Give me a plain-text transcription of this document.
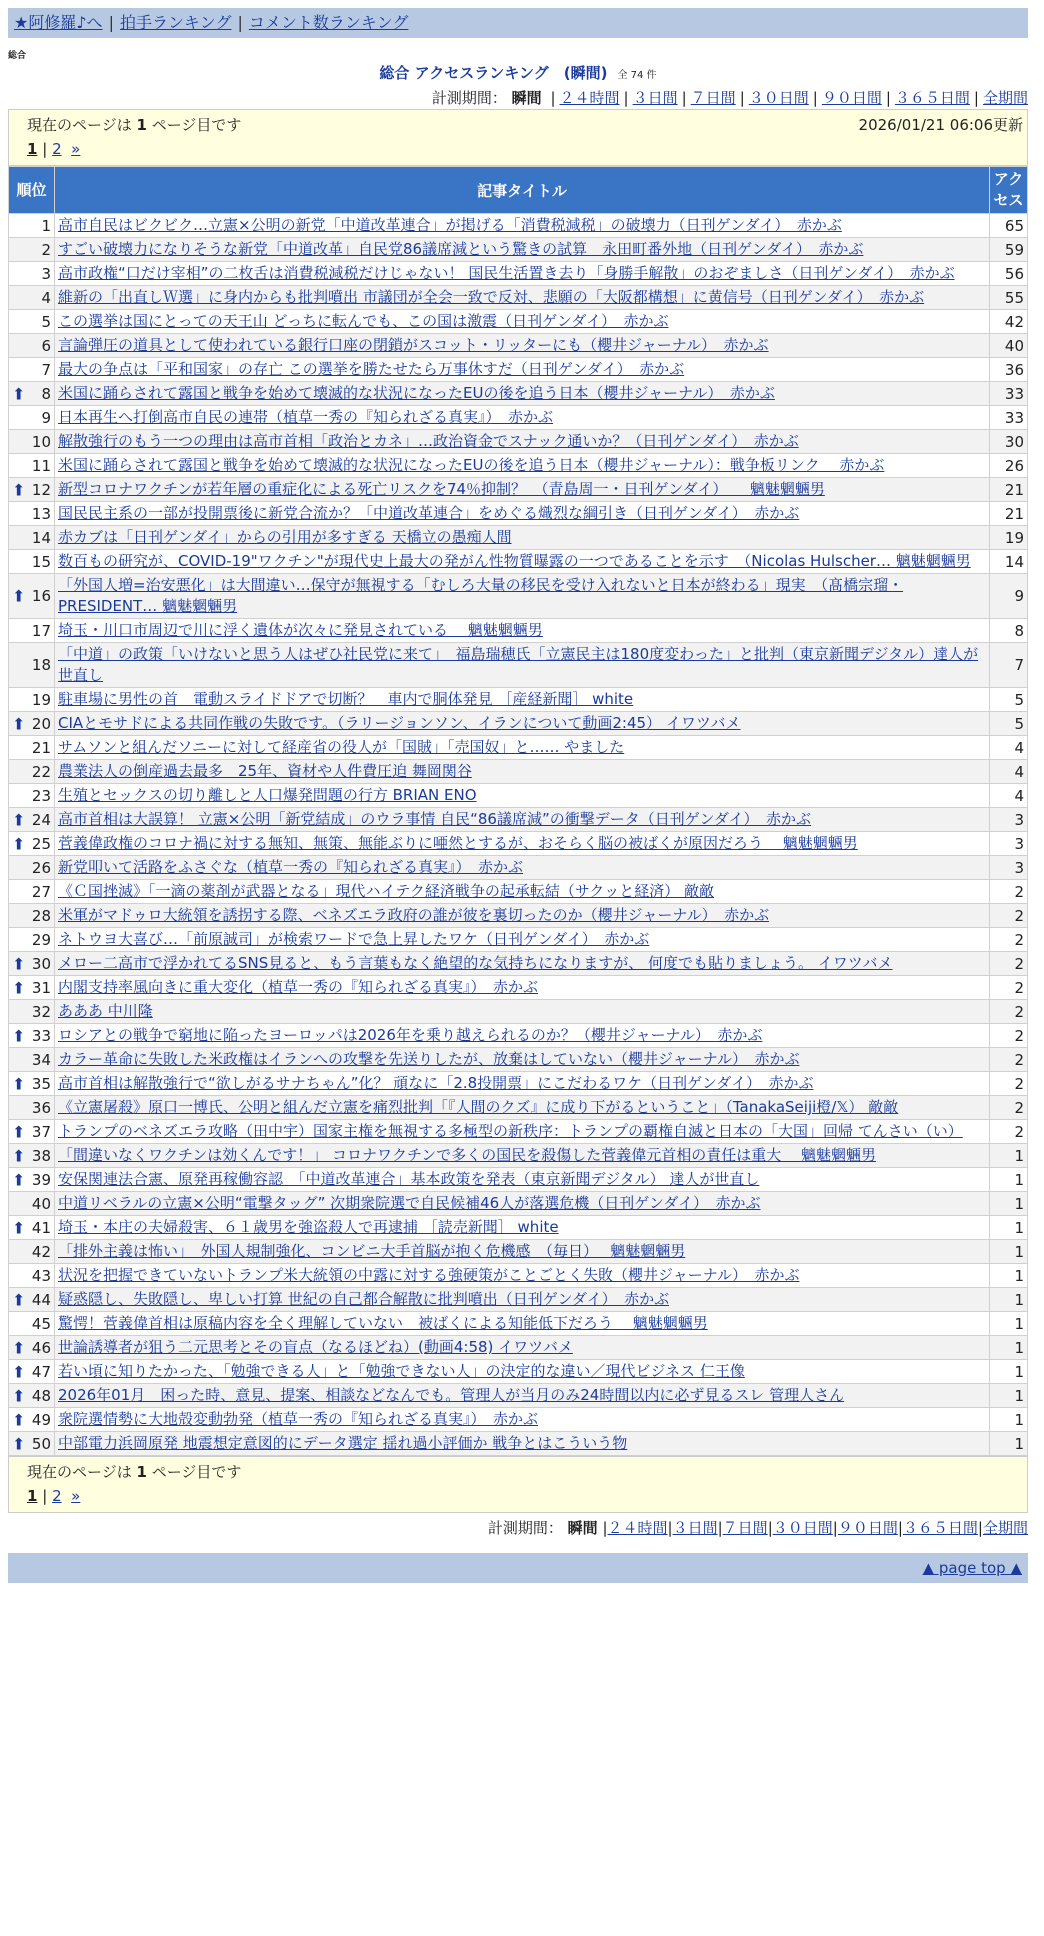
★阿修羅♪へ | 拍手ランキング | コメント数ランキング
総合
総合 アクセスランキング　(瞬間) 全 74 件
計測期間： 瞬間 | ２４時間 | ３日間 | ７日間 | ３０日間 | ９０日間 | ３６５日間 | 全期間
現在のページは 1 ページ目です	2026/01/21 06:06更新
1 | 2 »
順位	記事タイトル	アクセス
1	高市自民はビクビク…立憲×公明の新党「中道改革連合」が掲げる「消費税減税」の破壊力（日刊ゲンダイ）　赤かぶ	65
2	すごい破壊力になりそうな新党「中道改革」自民党86議席減という驚きの試算　永田町番外地（日刊ゲンダイ）　赤かぶ	59
3	高市政権“口だけ宰相”の二枚舌は消費税減税だけじゃない！ 国民生活置き去り「身勝手解散」のおぞましさ（日刊ゲンダイ）　赤かぶ	56
4	維新の「出直しＷ選」に身内からも批判噴出 市議団が全会一致で反対、悲願の「大阪都構想」に黄信号（日刊ゲンダイ）　赤かぶ	55
5	この選挙は国にとっての天王山 どっちに転んでも、この国は激震（日刊ゲンダイ）　赤かぶ	42
6	言論弾圧の道具として使われている銀行口座の閉鎖がスコット・リッターにも（櫻井ジャーナル）　赤かぶ	40
7	最大の争点は「平和国家」の存亡 この選挙を勝たせたら万事休すだ（日刊ゲンダイ）　赤かぶ	36

⬆ 8	米国に踊らされて露国と戦争を始めて壊滅的な状況になったEUの後を追う日本（櫻井ジャーナル）　赤かぶ	33
9	日本再生へ打倒高市自民の連帯（植草一秀の『知られざる真実』）　赤かぶ	33
10	解散強行のもう一つの理由は高市首相「政治とカネ」…政治資金でスナック通いか？（日刊ゲンダイ）　赤かぶ	30
11	米国に踊らされて露国と戦争を始めて壊滅的な状況になったEUの後を追う日本（櫻井ジャーナル）：戦争板リンク　 赤かぶ	26

⬆ 12	新型コロナワクチンが若年層の重症化による死亡リスクを74％抑制？　（青島周一・日刊ゲンダイ）　　魑魅魍魎男	21
13	国民民主系の一部が投開票後に新党合流か？「中道改革連合」をめぐる熾烈な綱引き（日刊ゲンダイ）　赤かぶ	21
14	赤カブは「日刊ゲンダイ」からの引用が多すぎる 天橋立の愚痴人間	19
15	数百もの研究が、COVID-19"ワクチン"が現代史上最大の発がん性物質曝露の一つであることを示す　（Nicolas Hulscher… 魑魅魍魎男	14

⬆ 16	「外国人増=治安悪化」は大間違い…保守が無視する「むしろ大量の移民を受け入れないと日本が終わる」現実　（髙橋宗瑠・PRESIDENT… 魑魅魍魎男	9
17	埼玉・川口市周辺で川に浮く遺体が次々に発見されている　 魑魅魍魎男	8
18	「中道」の政策「いけないと思う人はぜひ社民党に来て」　福島瑞穂氏「立憲民主は180度変わった」と批判（東京新聞デジタル）達人が世直し	7
19	駐車場に男性の首　電動スライドドアで切断？　車内で胴体発見 ［産経新聞］ white	5

⬆ 20	CIAとモサドによる共同作戦の失敗です。（ラリージョンソン、イランについて動画2:45） イワツバメ	5
21	サムソンと組んだソニーに対して経産省の役人が「国賊」「売国奴」と…… やました	4
22	農業法人の倒産過去最多　25年、資材や人件費圧迫 舞岡関谷	4
23	生殖とセックスの切り離しと人口爆発問題の行方 BRIAN ENO	4

⬆ 24	高市首相は大誤算！ 立憲×公明「新党結成」のウラ事情 自民“86議席減”の衝撃データ（日刊ゲンダイ）　赤かぶ	3

⬆ 25	菅義偉政権のコロナ禍に対する無知、無策、無能ぶりに唖然とするが、おそらく脳の被ばくが原因だろう　 魑魅魍魎男	3
26	新党叩いて活路をふさぐな（植草一秀の『知られざる真実』）　赤かぶ	3
27	《Ｃ国挫滅》「一滴の薬剤が武器となる」現代ハイテク経済戦争の起承転結（サクッと経済） 敵敵	2
28	米軍がマドゥロ大統領を誘拐する際、ベネズエラ政府の誰が彼を裏切ったのか（櫻井ジャーナル）　赤かぶ	2
29	ネトウヨ大喜び…「前原誠司」が検索ワードで急上昇したワケ（日刊ゲンダイ）　赤かぶ	2

⬆ 30	メロー二高市で浮かれてるSNS見ると、もう言葉もなく絶望的な気持ちになりますが、 何度でも貼りましょう。 イワツバメ	2

⬆ 31	内閣支持率風向きに重大変化（植草一秀の『知られざる真実』）　赤かぶ	2
32	あああ 中川隆	2

⬆ 33	ロシアとの戦争で窮地に陥ったヨーロッパは2026年を乗り越えられるのか？（櫻井ジャーナル）　赤かぶ	2
34	カラー革命に失敗した米政権はイランへの攻撃を先送りしたが、放棄はしていない（櫻井ジャーナル）　赤かぶ	2

⬆ 35	高市首相は解散強行で“欲しがるサナちゃん”化？ 頑なに「2.8投開票」にこだわるワケ（日刊ゲンダイ）　赤かぶ	2
36	《立憲屠殺》原口一博氏、公明と組んだ立憲を痛烈批判「『人間のクズ』に成り下がるということ」（TanakaSeiji橙/𝕏） 敵敵	2

⬆ 37	トランプのベネズエラ攻略（田中宇）国家主権を無視する多極型の新秩序：トランプの覇権自滅と日本の「大国」回帰 てんさい（い）	2

⬆ 38	「間違いなくワクチンは効くんです！」 コロナワクチンで多くの国民を殺傷した菅義偉元首相の責任は重大　 魑魅魍魎男	1

⬆ 39	安保関連法合憲、原発再稼働容認　「中道改革連合」基本政策を発表（東京新聞デジタル） 達人が世直し	1
40	中道リベラルの立憲×公明“電撃タッグ” 次期衆院選で自民候補46人が落選危機（日刊ゲンダイ）　赤かぶ	1

⬆ 41	埼玉・本庄の夫婦殺害、６１歳男を強盗殺人で再逮捕 ［読売新聞］ white	1
42	「排外主義は怖い」　外国人規制強化、コンビニ大手首脳が抱く危機感　（毎日）　 魑魅魍魎男	1
43	状況を把握できていないトランプ米大統領の中露に対する強硬策がことごとく失敗（櫻井ジャーナル）　赤かぶ	1

⬆ 44	疑惑隠し、失敗隠し、卑しい打算 世紀の自己都合解散に批判噴出（日刊ゲンダイ）　赤かぶ	1
45	驚愕！菅義偉首相は原稿内容を全く理解していない　被ばくによる知能低下だろう　 魑魅魍魎男	1

⬆ 46	世論誘導者が狙う二元思考とその盲点（なるほどね）(動画4:58) イワツバメ	1

⬆ 47	若い頃に知りたかった、「勉強できる人」と「勉強できない人」の決定的な違い／現代ビジネス 仁王像	1

⬆ 48	2026年01月　困った時、意見、提案、相談などなんでも。管理人が当月のみ24時間以内に必ず見るスレ 管理人さん	1

⬆ 49	衆院選情勢に大地殻変動勃発（植草一秀の『知られざる真実』）　赤かぶ	1

⬆ 50	中部電力浜岡原発 地震想定意図的にデータ選定 揺れ過小評価か 戦争とはこういう物	1
現在のページは 1 ページ目です
1 | 2 »
計測期間： 瞬間 |２４時間|３日間|７日間|３０日間|９０日間|３６５日間|全期間
▲ page top ▲
